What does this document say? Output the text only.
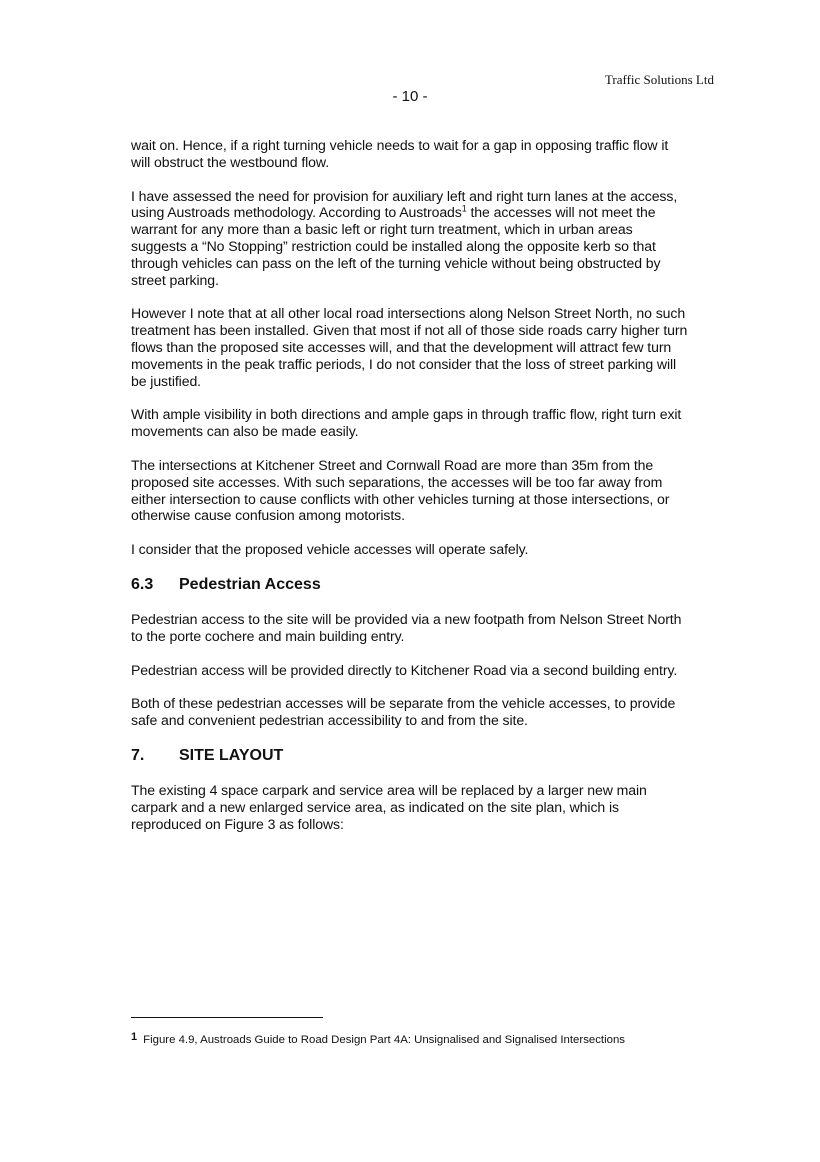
Traffic Solutions Ltd
- 10 -

wait on. Hence, if a right turning vehicle needs to wait for a gap in opposing traffic flow it will obstruct the westbound flow.

I have assessed the need for provision for auxiliary left and right turn lanes at the access, using Austroads methodology. According to Austroads$^1$ the accesses will not meet the warrant for any more than a basic left or right turn treatment, which in urban areas suggests a “No Stopping” restriction could be installed along the opposite kerb so that through vehicles can pass on the left of the turning vehicle without being obstructed by street parking.

However I note that at all other local road intersections along Nelson Street North, no such treatment has been installed. Given that most if not all of those side roads carry higher turn flows than the proposed site accesses will, and that the development will attract few turn movements in the peak traffic periods, I do not consider that the loss of street parking will be justified.

With ample visibility in both directions and ample gaps in through traffic flow, right turn exit movements can also be made easily.

The intersections at Kitchener Street and Cornwall Road are more than 35m from the proposed site accesses. With such separations, the accesses will be too far away from either intersection to cause conflicts with other vehicles turning at those intersections, or otherwise cause confusion among motorists.

I consider that the proposed vehicle accesses will operate safely.

6.3 Pedestrian Access

Pedestrian access to the site will be provided via a new footpath from Nelson Street North to the porte cochere and main building entry.

Pedestrian access will be provided directly to Kitchener Road via a second building entry.

Both of these pedestrian accesses will be separate from the vehicle accesses, to provide safe and convenient pedestrian accessibility to and from the site.

7. SITE LAYOUT

The existing 4 space carpark and service area will be replaced by a larger new main carpark and a new enlarged service area, as indicated on the site plan, which is reproduced on Figure 3 as follows:

1 Figure 4.9, Austroads Guide to Road Design Part 4A: Unsignalised and Signalised Intersections
